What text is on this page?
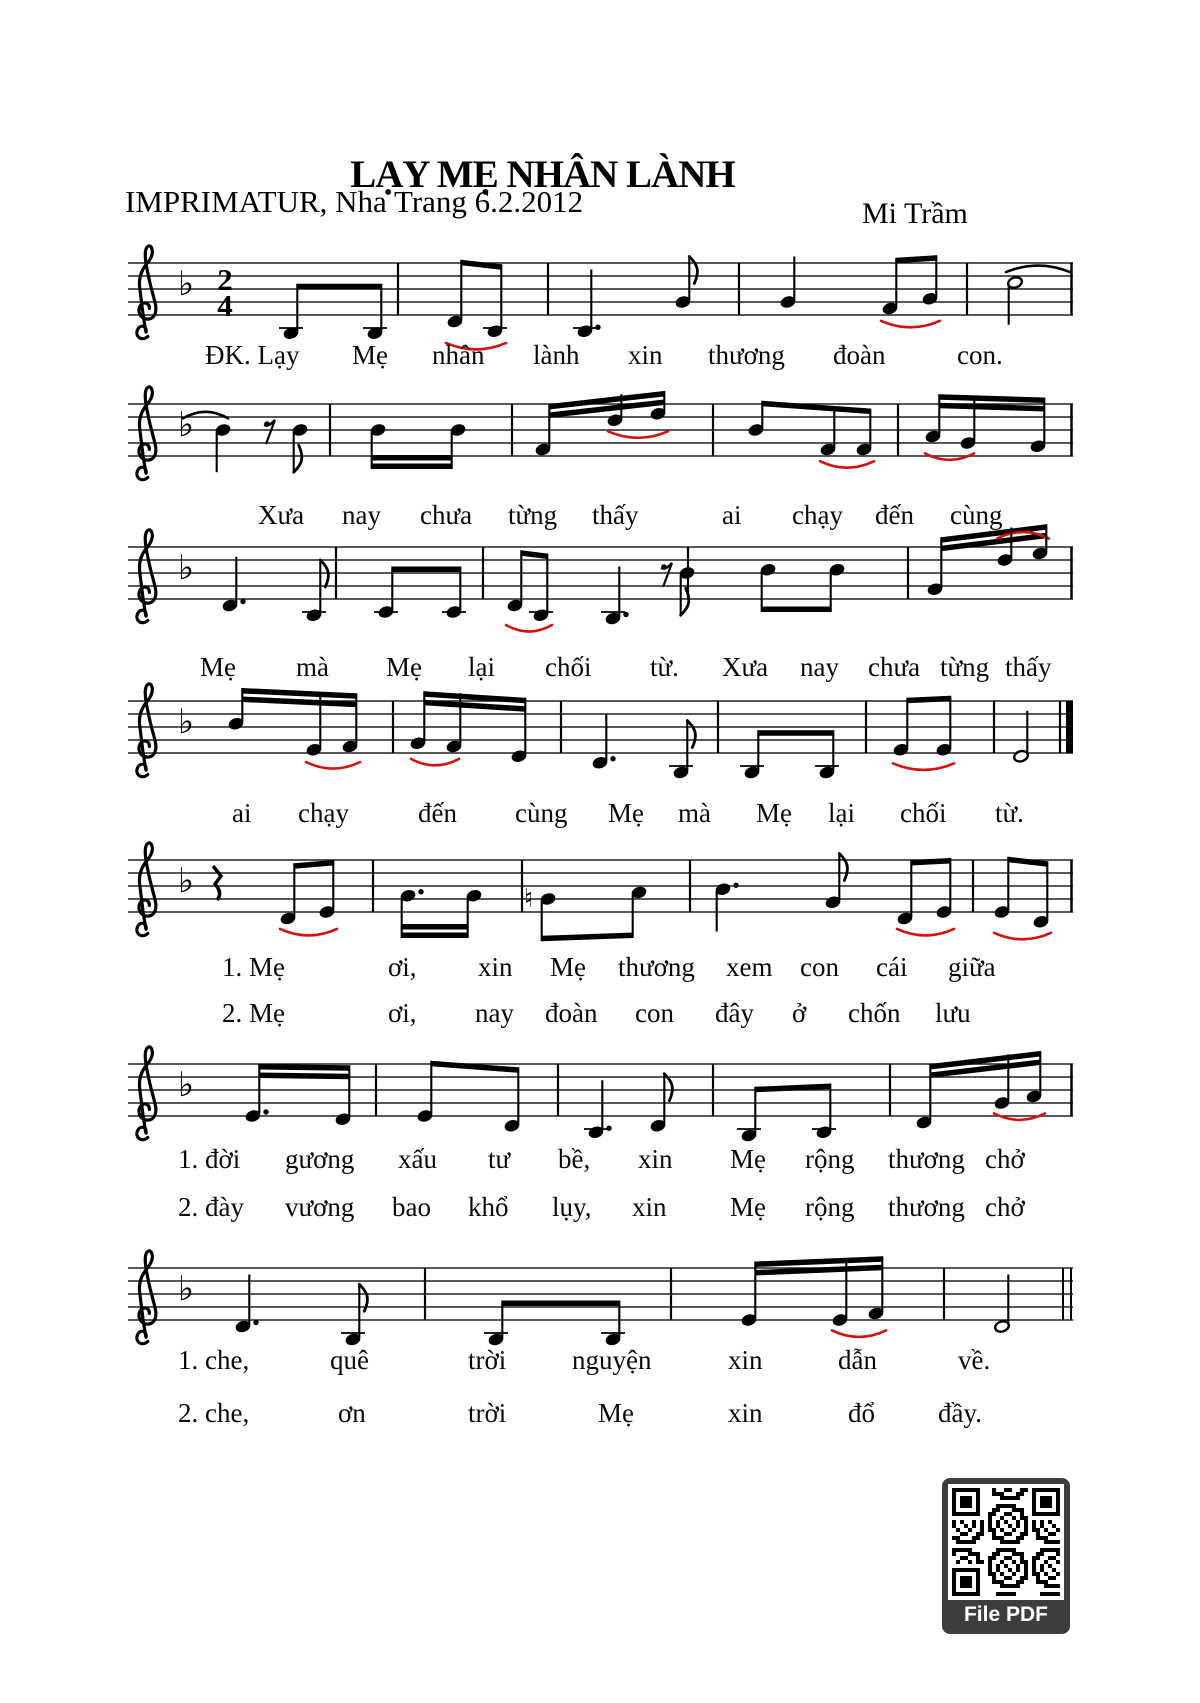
LẠY MẸ NHÂN LÀNH
IMPRIMATUR, Nha Trang 6.2.2012	Mi Trầm
♭ 2
4
♭
♭
♭
♭	♮
♭
♭
ĐK. Lạy Mẹ nhân lành xin thương đoàn	con.
Xưa nay chưa từng thấy	ai chạy đến cùng
Mẹ mà Mẹ lại chối từ. Xưa nay chưa từng thấy
ai chạy	đến cùng Mẹ mà Mẹ lại chối từ.
1. Mẹ	ơi, xin Mẹ thương xem con cái giữa
2. Mẹ	ơi, nay đoàn con đây ở chốn lưu
1. đời gương xấu tư bề, xin Mẹ rộng thương chở
2. đày vương bao khổ lụy, xin Mẹ rộng thương chở
1. che,	quê	trời nguyện	xin	dẫn	về.
2. che,	ơn	trời	Mẹ	xin	đổ đầy.
File PDF
